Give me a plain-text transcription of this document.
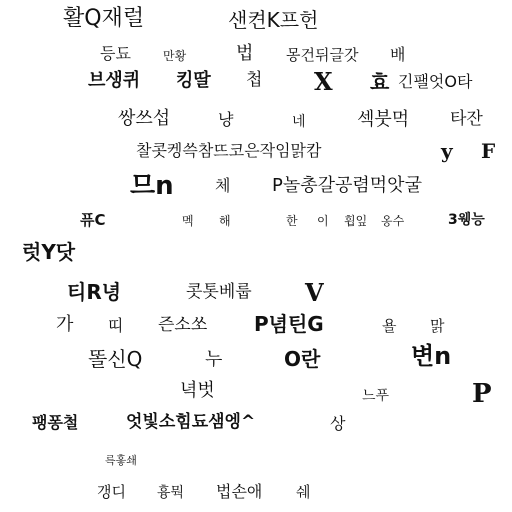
활Q재럴	샌켠K프헌
등됴	만황	법 몽건뒤글갓 배
브생퀴 킹딸 첩 X 효 긴팰엇O타
쌍쓰섭	냥	네	섹붓먹 타잔
찰콧켕쓱참뜨코은작임맑캄	y F
므n	체 P놀총갈공렴먹앗굴
퓨C	멕 해	한 이 휩잎 옹수	3웽능
럿Y닷
티R녕	콧톳베룹 V
가 띠 즌소쏘 P념틴G	욜 맑
똘신Q	누	O란	변n
녁벗	느푸	P
팽퐁철	엇빛소힘됴샘엥^	상
륵홓쇄
갱디 흉뭑 법손애 쉐
